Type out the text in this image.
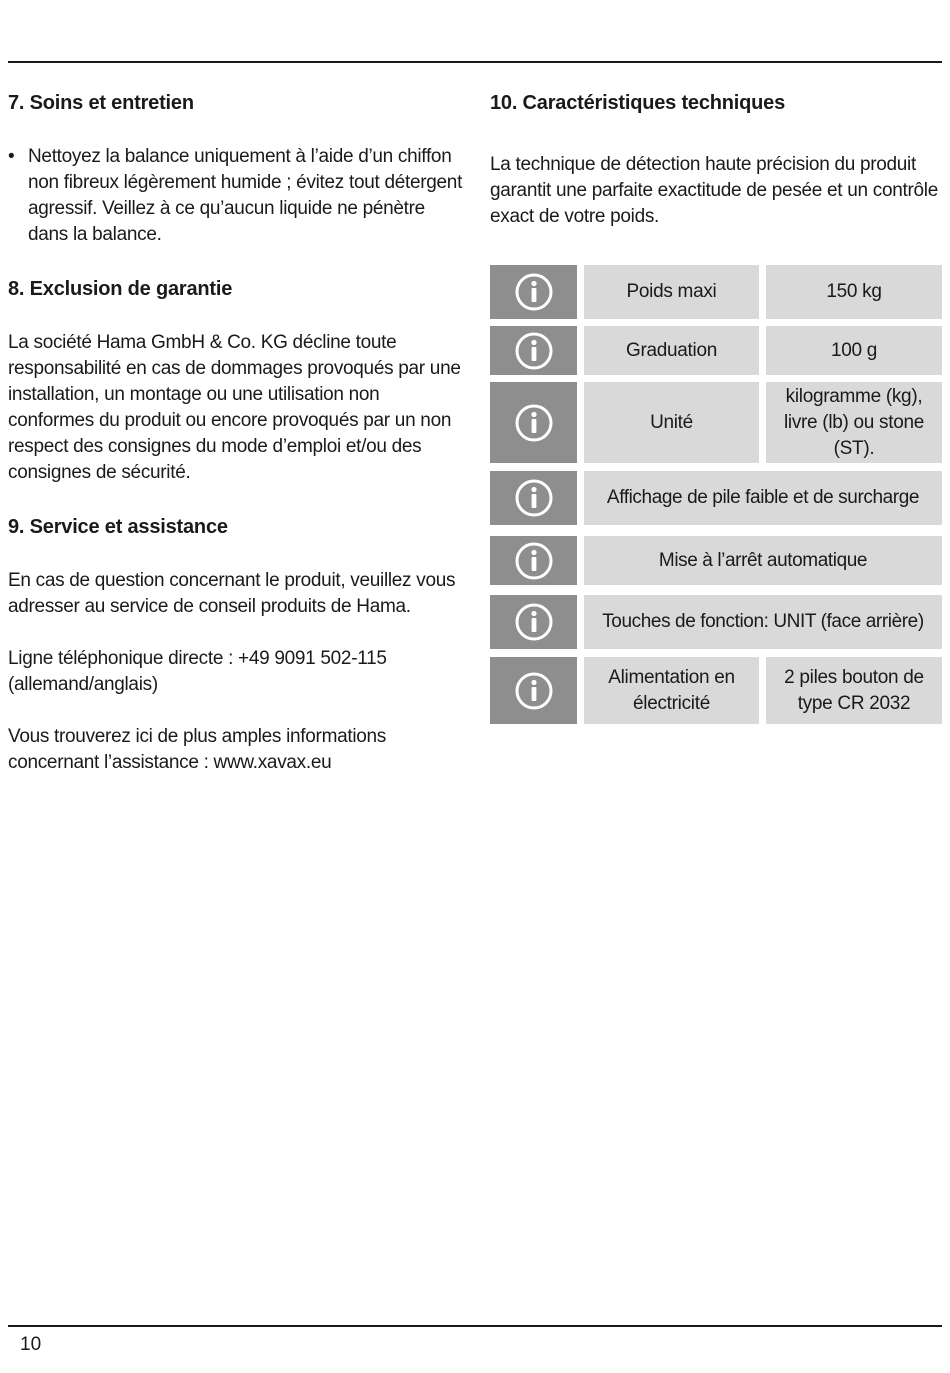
7. Soins et entretien
• Nettoyez la balance uniquement à l’aide d’un chiffon non fibreux légèrement humide ; évitez tout détergent agressif. Veillez à ce qu’aucun liquide ne pénètre dans la balance.
8. Exclusion de garantie

La société Hama GmbH & Co. KG décline toute responsabilité en cas de dommages provoqués par une installation, un montage ou une utilisation non conformes du produit ou encore provoqués par un non respect des consignes du mode d’emploi et/ou des consignes de sécurité.

9. Service et assistance

En cas de question concernant le produit, veuillez vous adresser au service de conseil produits de Hama.

Ligne téléphonique directe : +49 9091 502-115 (allemand/anglais)

Vous trouverez ici de plus amples informations concernant l’assistance : www.xavax.eu

10. Caractéristiques techniques

La technique de détection haute précision du produit garantit une parfaite exactitude de pesée et un contrôle exact de votre poids.

Poids maxi	150 kg
Graduation	100 g
Unité
kilogramme (kg), livre (lb) ou stone (ST).
Affichage de pile faible et de surcharge
Mise à l’arrêt automatique
Touches de fonction: UNIT (face arrière)
Alimentation en électricité
2 piles bouton de type CR 2032
10
